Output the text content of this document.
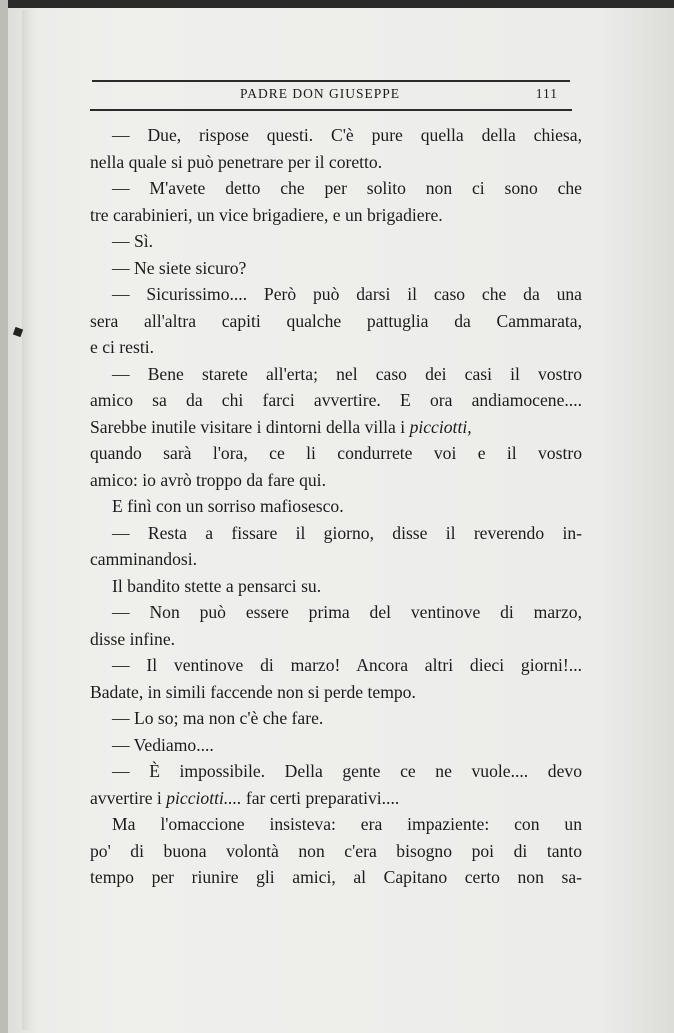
PADRE DON GIUSEPPE	111
— Due, rispose questi. C'è pure quella della chiesa,
nella quale si può penetrare per il coretto.
— M'avete detto che per solito non ci sono che
tre carabinieri, un vice brigadiere, e un brigadiere.
— Sì.
— Ne siete sicuro?
— Sicurissimo.... Però può darsi il caso che da una
sera all'altra capiti qualche pattuglia da Cammarata,
e ci resti.
— Bene starete all'erta; nel caso dei casi il vostro
amico sa da chi farci avvertire. E ora andiamocene....
Sarebbe inutile visitare i dintorni della villa i picciotti,
quando sarà l'ora, ce li condurrete voi e il vostro
amico: io avrò troppo da fare qui.
E finì con un sorriso mafiosesco.
— Resta a fissare il giorno, disse il reverendo in-
camminandosi.
Il bandito stette a pensarci su.
— Non può essere prima del ventinove di marzo,
disse infine.
— Il ventinove di marzo! Ancora altri dieci giorni!...
Badate, in simili faccende non si perde tempo.
— Lo so; ma non c'è che fare.
— Vediamo....
— È impossibile. Della gente ce ne vuole.... devo
avvertire i picciotti.... far certi preparativi....
Ma l'omaccione insisteva: era impaziente: con un
po' di buona volontà non c'era bisogno poi di tanto
tempo per riunire gli amici, al Capitano certo non sa-
